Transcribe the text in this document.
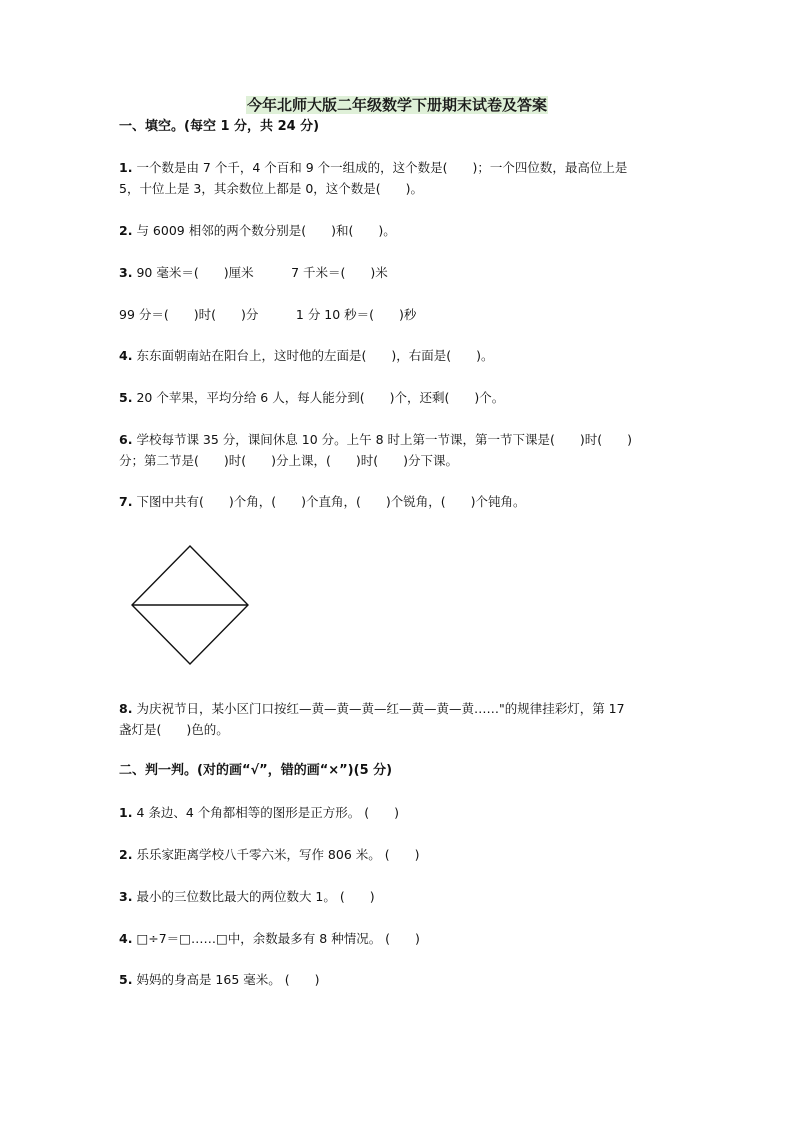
今年北师大版二年级数学下册期末试卷及答案
一、填空。(每空 1 分，共 24 分)
1. 一个数是由 7 个千，4 个百和 9 个一组成的，这个数是(　　)；一个四位数，最高位上是
5，十位上是 3，其余数位上都是 0，这个数是(　　)。
2. 与 6009 相邻的两个数分别是(　　)和(　　)。
3. 90 毫米＝(　　)厘米　　　7 千米＝(　　)米
99 分＝(　　)时(　　)分　　　1 分 10 秒＝(　　)秒
4. 东东面朝南站在阳台上，这时他的左面是(　　)，右面是(　　)。
5. 20 个苹果，平均分给 6 人，每人能分到(　　)个，还剩(　　)个。
6. 学校每节课 35 分，课间休息 10 分。上午 8 时上第一节课，第一节下课是(　　)时(　　)
分；第二节是(　　)时(　　)分上课，(　　)时(　　)分下课。
7. 下图中共有(　　)个角，(　　)个直角，(　　)个锐角，(　　)个钝角。
8. 为庆祝节日，某小区门口按红—黄—黄—黄—红—黄—黄—黄……"的规律挂彩灯，第 17
盏灯是(　　)色的。
二、判一判。(对的画“√”，错的画“×”)(5 分)
1. 4 条边、4 个角都相等的图形是正方形。 (　　)
2. 乐乐家距离学校八千零六米，写作 806 米。 (　　)
3. 最小的三位数比最大的两位数大 1。 (　　)
4. □÷7＝□……□中，余数最多有 8 种情况。 (　　)
5. 妈妈的身高是 165 毫米。 (　　)
